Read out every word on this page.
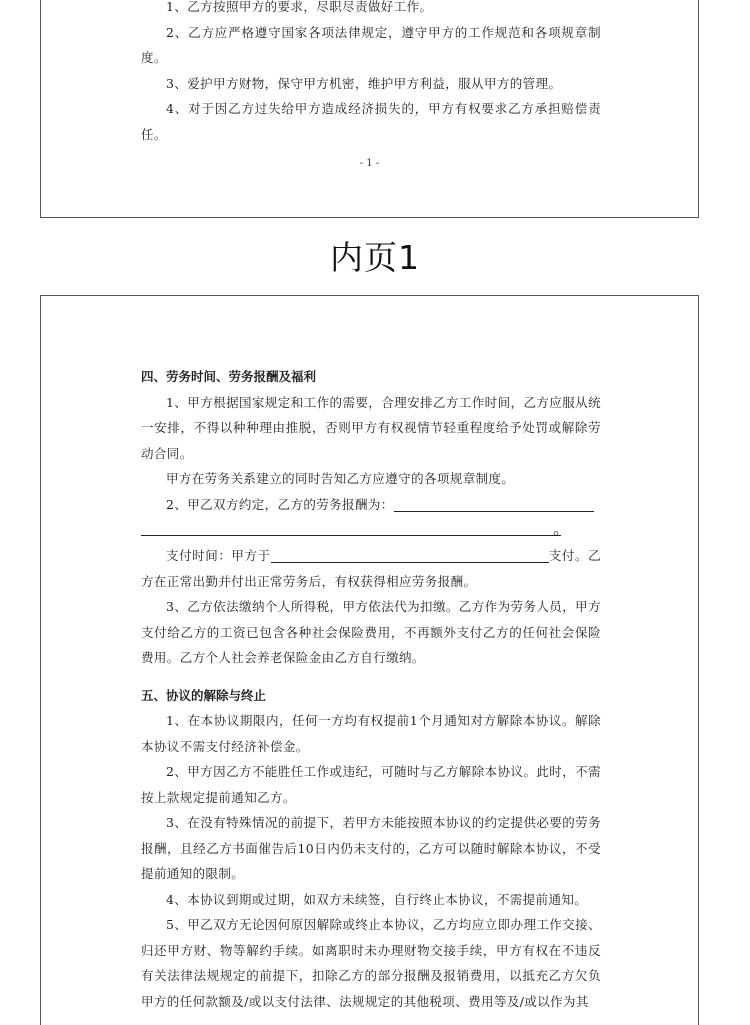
1、乙方按照甲方的要求，尽职尽责做好工作。

2、乙方应严格遵守国家各项法律规定，遵守甲方的工作规范和各项规章制度。

3、爱护甲方财物，保守甲方机密，维护甲方利益，服从甲方的管理。

4、对于因乙方过失给甲方造成经济损失的，甲方有权要求乙方承担赔偿责任。

- 1 -
内页1
四、劳务时间、劳务报酬及福利

1、甲方根据国家规定和工作的需要，合理安排乙方工作时间，乙方应服从统一安排，不得以种种理由推脱，否则甲方有权视情节轻重程度给予处罚或解除劳动合同。

甲方在劳务关系建立的同时告知乙方应遵守的各项规章制度。

2、甲乙双方约定，乙方的劳务报酬为：

。

支付时间：甲方于	支付。乙方在正常出勤并付出正常劳务后，有权获得相应劳务报酬。

3、乙方依法缴纳个人所得税，甲方依法代为扣缴。乙方作为劳务人员，甲方支付给乙方的工资已包含各种社会保险费用，不再额外支付乙方的任何社会保险费用。乙方个人社会养老保险金由乙方自行缴纳。

五、协议的解除与终止

1、在本协议期限内，任何一方均有权提前1个月通知对方解除本协议。解除本协议不需支付经济补偿金。

2、甲方因乙方不能胜任工作或违纪，可随时与乙方解除本协议。此时，不需按上款规定提前通知乙方。

3、在没有特殊情况的前提下，若甲方未能按照本协议的约定提供必要的劳务报酬，且经乙方书面催告后10日内仍未支付的，乙方可以随时解除本协议，不受提前通知的限制。

4、本协议到期或过期，如双方未续签，自行终止本协议，不需提前通知。

5、甲乙双方无论因何原因解除或终止本协议，乙方均应立即办理工作交接、归还甲方财、物等解约手续。如离职时未办理财物交接手续，甲方有权在不违反有关法律法规规定的前提下，扣除乙方的部分报酬及报销费用，以抵充乙方欠负甲方的任何款额及/或以支付法律、法规规定的其他税项、费用等及/或以作为其
